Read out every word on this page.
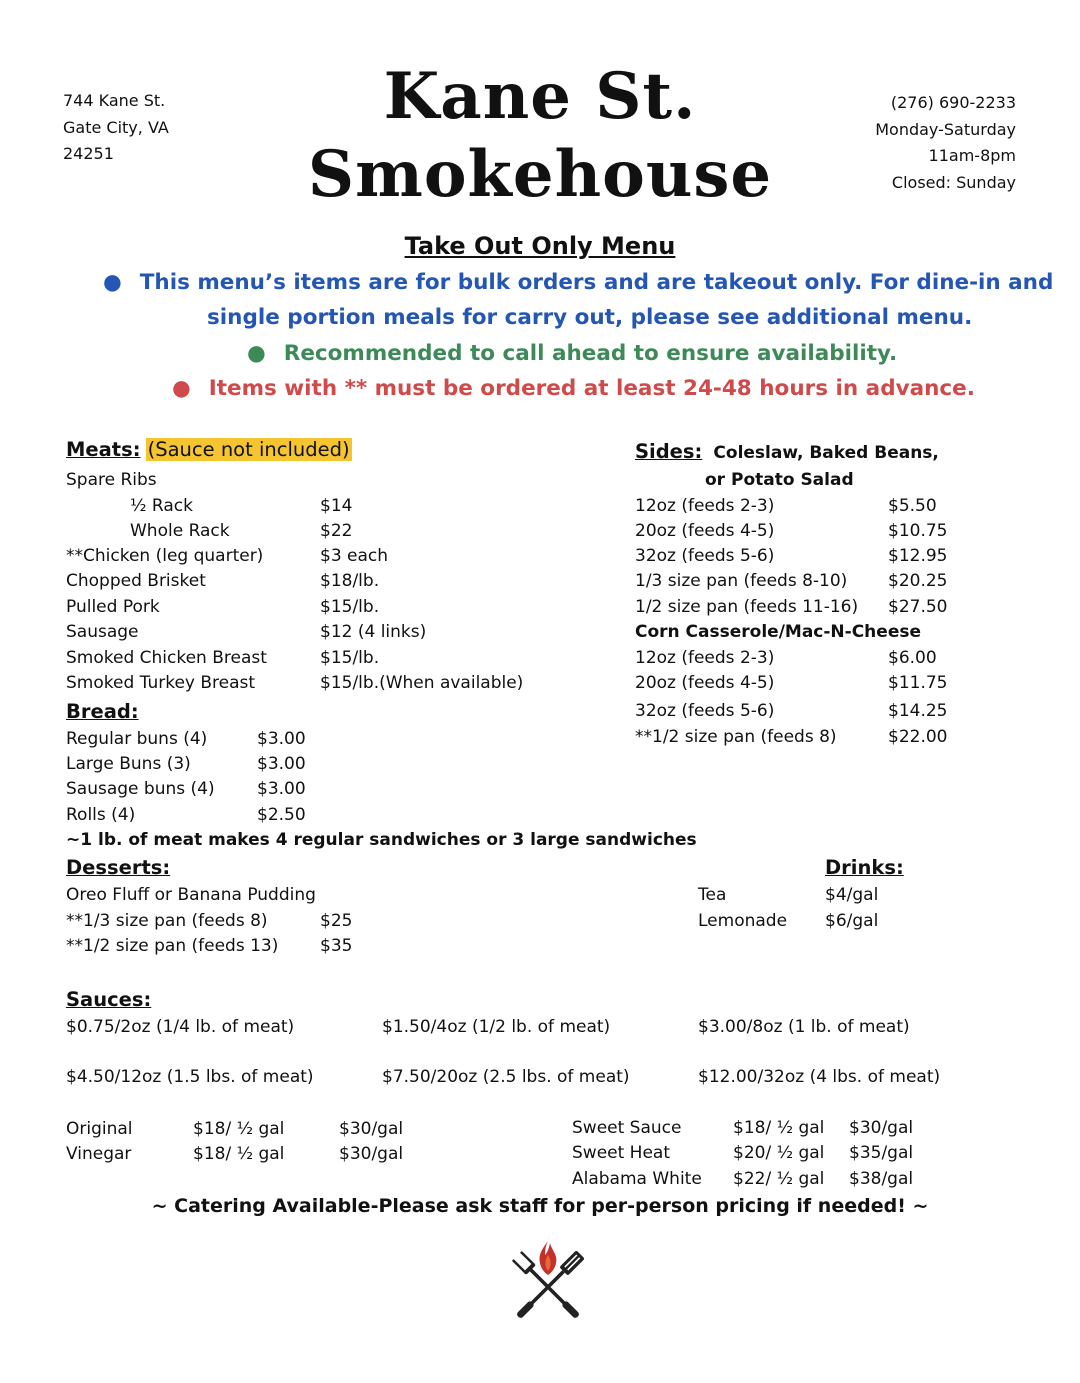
744 Kane St.
Gate City, VA
24251
Kane St.
Smokehouse
(276) 690-2233
Monday-Saturday
11am-8pm
Closed: Sunday
Take Out Only Menu
● This menu’s items are for bulk orders and are takeout only. For dine-in and
single portion meals for carry out, please see additional menu.
● Recommended to call ahead to ensure availability.
● Items with ** must be ordered at least 24-48 hours in advance.
Meats: (Sauce not included)
Spare Ribs
½ Rack	$14
Whole Rack	$22
**Chicken (leg quarter)	$3 each
Chopped Brisket	$18/lb.
Pulled Pork	$15/lb.
Sausage	$12 (4 links)
Smoked Chicken Breast	$15/lb.
Smoked Turkey Breast	$15/lb.(When available)
Bread:
Regular buns (4)	$3.00
Large Buns (3)	$3.00
Sausage buns (4) $3.00
Rolls (4)	$2.50
~1 lb. of meat makes 4 regular sandwiches or 3 large sandwiches
Sides: Coleslaw, Baked Beans,
or Potato Salad
12oz (feeds 2-3)	$5.50
20oz (feeds 4-5)	$10.75
32oz (feeds 5-6)	$12.95
1/3 size pan (feeds 8-10) $20.25
1/2 size pan (feeds 11-16) $27.50
Corn Casserole/Mac-N-Cheese
12oz (feeds 2-3)	$6.00
20oz (feeds 4-5)	$11.75
32oz (feeds 5-6)	$14.25
**1/2 size pan (feeds 8)	$22.00
Desserts:
Oreo Fluff or Banana Pudding
**1/3 size pan (feeds 8)	$25
**1/2 size pan (feeds 13) $35
Drinks:
Tea	$4/gal
Lemonade $6/gal
Sauces:
$0.75/2oz (1/4 lb. of meat)	$1.50/4oz (1/2 lb. of meat)	$3.00/8oz (1 lb. of meat)
$4.50/12oz (1.5 lbs. of meat)	$7.50/20oz (2.5 lbs. of meat)	$12.00/32oz (4 lbs. of meat)
Original	$18/ ½ gal	$30/gal
Vinegar	$18/ ½ gal	$30/gal
Sweet Sauce	$18/ ½ gal $30/gal
Sweet Heat	$20/ ½ gal $35/gal
Alabama White $22/ ½ gal $38/gal
~ Catering Available-Please ask staff for per-person pricing if needed! ~
